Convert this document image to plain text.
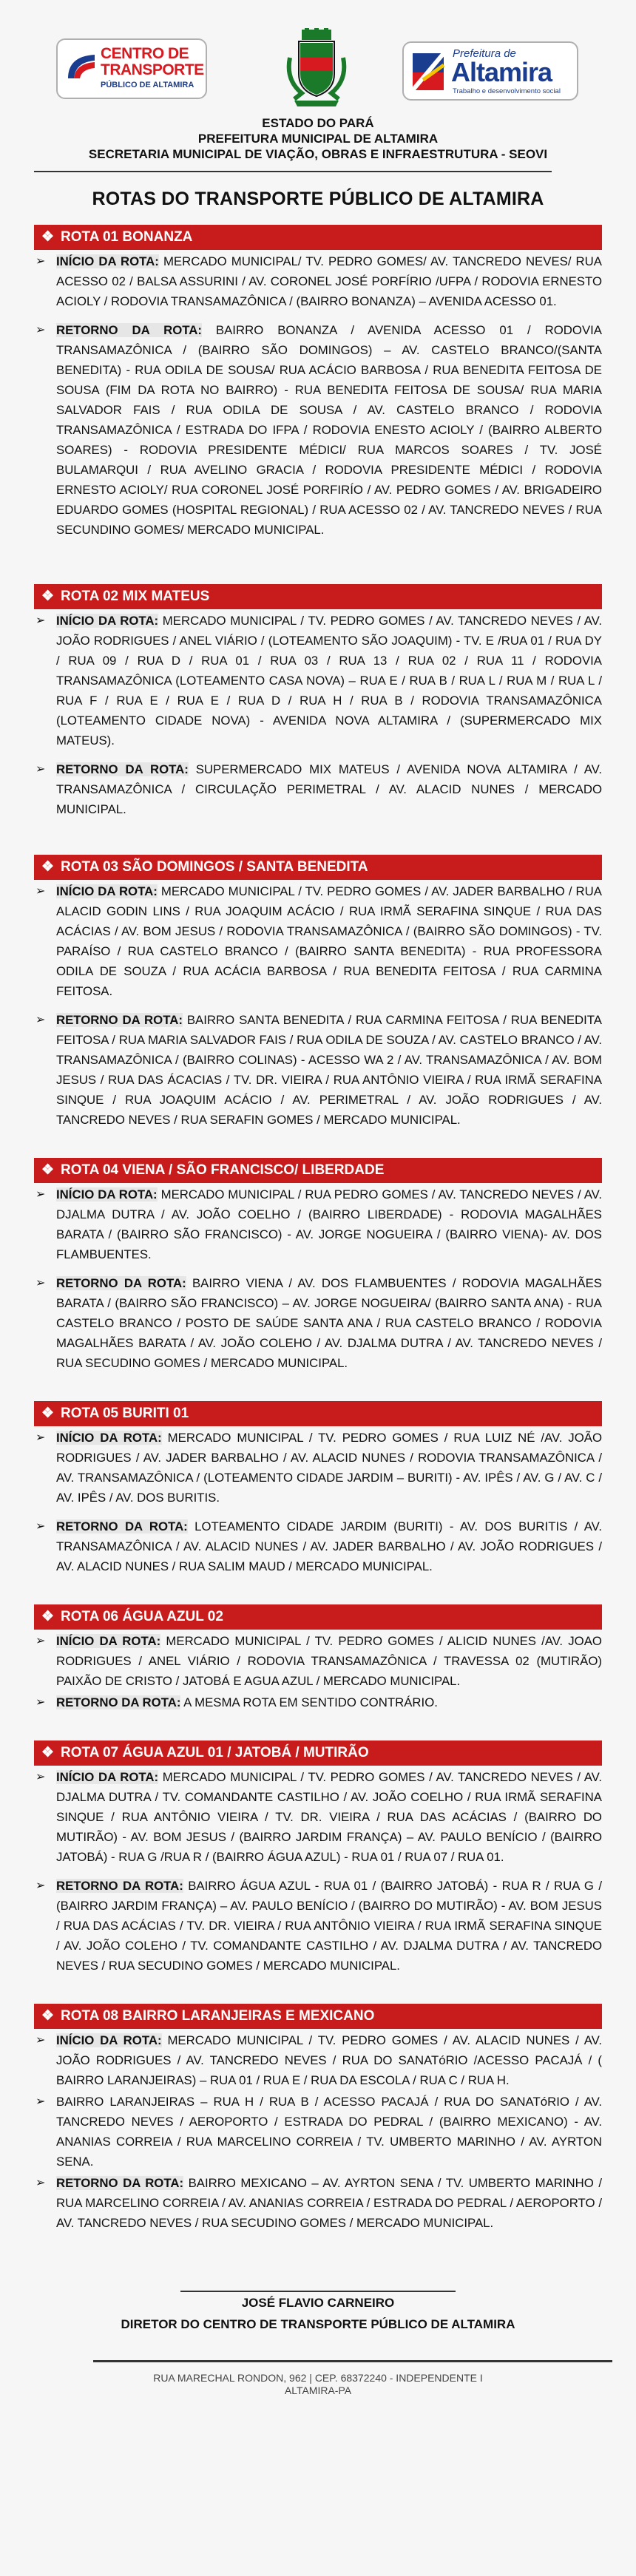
CENTRO DE
TRANSPORTE
PÚBLICO DE ALTAMIRA
Prefeitura de
Altamira
Trabalho e desenvolvimento social
ESTADO DO PARÁ
PREFEITURA MUNICIPAL DE ALTAMIRA
SECRETARIA MUNICIPAL DE VIAÇÃO, OBRAS E INFRAESTRUTURA - SEOVI
ROTAS DO TRANSPORTE PÚBLICO DE ALTAMIRA
❖ ROTA 01 BONANZA
➢ INÍCIO DA ROTA: MERCADO MUNICIPAL/ TV. PEDRO GOMES/ AV. TANCREDO NEVES/ RUA ACESSO 02 / BALSA ASSURINI / AV. CORONEL JOSÉ PORFÍRIO /UFPA / RODOVIA ERNESTO ACIOLY / RODOVIA TRANSAMAZÔNICA / (BAIRRO BONANZA) – AVENIDA ACESSO 01.
➢ RETORNO DA ROTA: BAIRRO BONANZA / AVENIDA ACESSO 01 / RODOVIA TRANSAMAZÔNICA / (BAIRRO SÃO DOMINGOS) – AV. CASTELO BRANCO/(SANTA BENEDITA) - RUA ODILA DE SOUSA/ RUA ACÁCIO BARBOSA / RUA BENEDITA FEITOSA DE SOUSA (FIM DA ROTA NO BAIRRO) - RUA BENEDITA FEITOSA DE SOUSA/ RUA MARIA SALVADOR FAIS / RUA ODILA DE SOUSA / AV. CASTELO BRANCO / RODOVIA TRANSAMAZÔNICA / ESTRADA DO IFPA / RODOVIA ENESTO ACIOLY / (BAIRRO ALBERTO SOARES) - RODOVIA PRESIDENTE MÉDICI/ RUA MARCOS SOARES / TV. JOSÉ BULAMARQUI / RUA AVELINO GRACIA / RODOVIA PRESIDENTE MÉDICI / RODOVIA ERNESTO ACIOLY/ RUA CORONEL JOSÉ PORFIRÍO / AV. PEDRO GOMES / AV. BRIGADEIRO EDUARDO GOMES (HOSPITAL REGIONAL) / RUA ACESSO 02 / AV. TANCREDO NEVES / RUA SECUNDINO GOMES/ MERCADO MUNICIPAL.
❖ ROTA 02 MIX MATEUS
➢ INÍCIO DA ROTA: MERCADO MUNICIPAL / TV. PEDRO GOMES / AV. TANCREDO NEVES / AV. JOÃO RODRIGUES / ANEL VIÁRIO / (LOTEAMENTO SÃO JOAQUIM) - TV. E /RUA 01 / RUA DY / RUA 09 / RUA D / RUA 01 / RUA 03 / RUA 13 / RUA 02 / RUA 11 / RODOVIA TRANSAMAZÔNICA (LOTEAMENTO CASA NOVA) – RUA E / RUA B / RUA L / RUA M / RUA L / RUA F / RUA E / RUA E / RUA D / RUA H / RUA B / RODOVIA TRANSAMAZÔNICA (LOTEAMENTO CIDADE NOVA) - AVENIDA NOVA ALTAMIRA / (SUPERMERCADO MIX MATEUS).
➢ RETORNO DA ROTA: SUPERMERCADO MIX MATEUS / AVENIDA NOVA ALTAMIRA / AV. TRANSAMAZÔNICA / CIRCULAÇÃO PERIMETRAL / AV. ALACID NUNES / MERCADO MUNICIPAL.
❖ ROTA 03 SÃO DOMINGOS / SANTA BENEDITA
➢ INÍCIO DA ROTA: MERCADO MUNICIPAL / TV. PEDRO GOMES / AV. JADER BARBALHO / RUA ALACID GODIN LINS / RUA JOAQUIM ACÁCIO / RUA IRMÃ SERAFINA SINQUE / RUA DAS ACÁCIAS / AV. BOM JESUS / RODOVIA TRANSAMAZÔNICA / (BAIRRO SÃO DOMINGOS) - TV. PARAÍSO / RUA CASTELO BRANCO / (BAIRRO SANTA BENEDITA) - RUA PROFESSORA ODILA DE SOUZA / RUA ACÁCIA BARBOSA / RUA BENEDITA FEITOSA / RUA CARMINA FEITOSA.
➢ RETORNO DA ROTA: BAIRRO SANTA BENEDITA / RUA CARMINA FEITOSA / RUA BENEDITA FEITOSA / RUA MARIA SALVADOR FAIS / RUA ODILA DE SOUZA / AV. CASTELO BRANCO / AV. TRANSAMAZÔNICA / (BAIRRO COLINAS) - ACESSO WA 2 / AV. TRANSAMAZÔNICA / AV. BOM JESUS / RUA DAS ÁCACIAS / TV. DR. VIEIRA / RUA ANTÔNIO VIEIRA / RUA IRMÃ SERAFINA SINQUE / RUA JOAQUIM ACÁCIO / AV. PERIMETRAL / AV. JOÃO RODRIGUES / AV. TANCREDO NEVES / RUA SERAFIN GOMES / MERCADO MUNICIPAL.
❖ ROTA 04 VIENA / SÃO FRANCISCO/ LIBERDADE
➢ INÍCIO DA ROTA: MERCADO MUNICIPAL / RUA PEDRO GOMES / AV. TANCREDO NEVES / AV. DJALMA DUTRA / AV. JOÃO COELHO / (BAIRRO LIBERDADE) - RODOVIA MAGALHÃES BARATA / (BAIRRO SÃO FRANCISCO) - AV. JORGE NOGUEIRA / (BAIRRO VIENA)- AV. DOS FLAMBUENTES.
➢ RETORNO DA ROTA: BAIRRO VIENA / AV. DOS FLAMBUENTES / RODOVIA MAGALHÃES BARATA / (BAIRRO SÃO FRANCISCO) – AV. JORGE NOGUEIRA/ (BAIRRO SANTA ANA) - RUA CASTELO BRANCO / POSTO DE SAÚDE SANTA ANA / RUA CASTELO BRANCO / RODOVIA MAGALHÃES BARATA / AV. JOÃO COLEHO / AV. DJALMA DUTRA / AV. TANCREDO NEVES / RUA SECUDINO GOMES / MERCADO MUNICIPAL.
❖ ROTA 05 BURITI 01
➢ INÍCIO DA ROTA: MERCADO MUNICIPAL / TV. PEDRO GOMES / RUA LUIZ NÉ /AV. JOÃO RODRIGUES / AV. JADER BARBALHO / AV. ALACID NUNES / RODOVIA TRANSAMAZÔNICA / AV. TRANSAMAZÔNICA / (LOTEAMENTO CIDADE JARDIM – BURITI) - AV. IPÊS / AV. G / AV. C / AV. IPÊS / AV. DOS BURITIS.
➢ RETORNO DA ROTA: LOTEAMENTO CIDADE JARDIM (BURITI) - AV. DOS BURITIS / AV. TRANSAMAZÔNICA / AV. ALACID NUNES / AV. JADER BARBALHO / AV. JOÃO RODRIGUES / AV. ALACID NUNES / RUA SALIM MAUD / MERCADO MUNICIPAL.
❖ ROTA 06 ÁGUA AZUL 02
➢ INÍCIO DA ROTA: MERCADO MUNICIPAL / TV. PEDRO GOMES / ALICID NUNES /AV. JOAO RODRIGUES / ANEL VIÁRIO / RODOVIA TRANSAMAZÔNICA / TRAVESSA 02 (MUTIRÃO) PAIXÃO DE CRISTO / JATOBÁ E AGUA AZUL / MERCADO MUNICIPAL.
➢ RETORNO DA ROTA: A MESMA ROTA EM SENTIDO CONTRÁRIO.
❖ ROTA 07 ÁGUA AZUL 01 / JATOBÁ / MUTIRÃO
➢ INÍCIO DA ROTA: MERCADO MUNICIPAL / TV. PEDRO GOMES / AV. TANCREDO NEVES / AV. DJALMA DUTRA / TV. COMANDANTE CASTILHO / AV. JOÃO COELHO / RUA IRMÃ SERAFINA SINQUE / RUA ANTÔNIO VIEIRA / TV. DR. VIEIRA / RUA DAS ACÁCIAS / (BAIRRO DO MUTIRÃO) - AV. BOM JESUS / (BAIRRO JARDIM FRANÇA) – AV. PAULO BENÍCIO / (BAIRRO JATOBÁ) - RUA G /RUA R / (BAIRRO ÁGUA AZUL) - RUA 01 / RUA 07 / RUA 01.
➢ RETORNO DA ROTA: BAIRRO ÁGUA AZUL - RUA 01 / (BAIRRO JATOBÁ) - RUA R / RUA G / (BAIRRO JARDIM FRANÇA) – AV. PAULO BENÍCIO / (BAIRRO DO MUTIRÃO) - AV. BOM JESUS / RUA DAS ACÁCIAS / TV. DR. VIEIRA / RUA ANTÔNIO VIEIRA / RUA IRMÃ SERAFINA SINQUE / AV. JOÃO COLEHO / TV. COMANDANTE CASTILHO / AV. DJALMA DUTRA / AV. TANCREDO NEVES / RUA SECUDINO GOMES / MERCADO MUNICIPAL.
❖ ROTA 08 BAIRRO LARANJEIRAS E MEXICANO
➢ INÍCIO DA ROTA: MERCADO MUNICIPAL / TV. PEDRO GOMES / AV. ALACID NUNES / AV. JOÃO RODRIGUES / AV. TANCREDO NEVES / RUA DO SANATóRIO /ACESSO PACAJÁ / ( BAIRRO LARANJEIRAS) – RUA 01 / RUA E / RUA DA ESCOLA / RUA C / RUA H.
➢ BAIRRO LARANJEIRAS – RUA H / RUA B / ACESSO PACAJÁ / RUA DO SANATóRIO / AV. TANCREDO NEVES / AEROPORTO / ESTRADA DO PEDRAL / (BAIRRO MEXICANO) - AV. ANANIAS CORREIA / RUA MARCELINO CORREIA / TV. UMBERTO MARINHO / AV. AYRTON SENA.
➢ RETORNO DA ROTA: BAIRRO MEXICANO – AV. AYRTON SENA / TV. UMBERTO MARINHO / RUA MARCELINO CORREIA / AV. ANANIAS CORREIA / ESTRADA DO PEDRAL / AEROPORTO / AV. TANCREDO NEVES / RUA SECUDINO GOMES / MERCADO MUNICIPAL.
JOSÉ FLAVIO CARNEIRO
DIRETOR DO CENTRO DE TRANSPORTE PÚBLICO DE ALTAMIRA
RUA MARECHAL RONDON, 962 | CEP. 68372240 - INDEPENDENTE I
ALTAMIRA-PA
